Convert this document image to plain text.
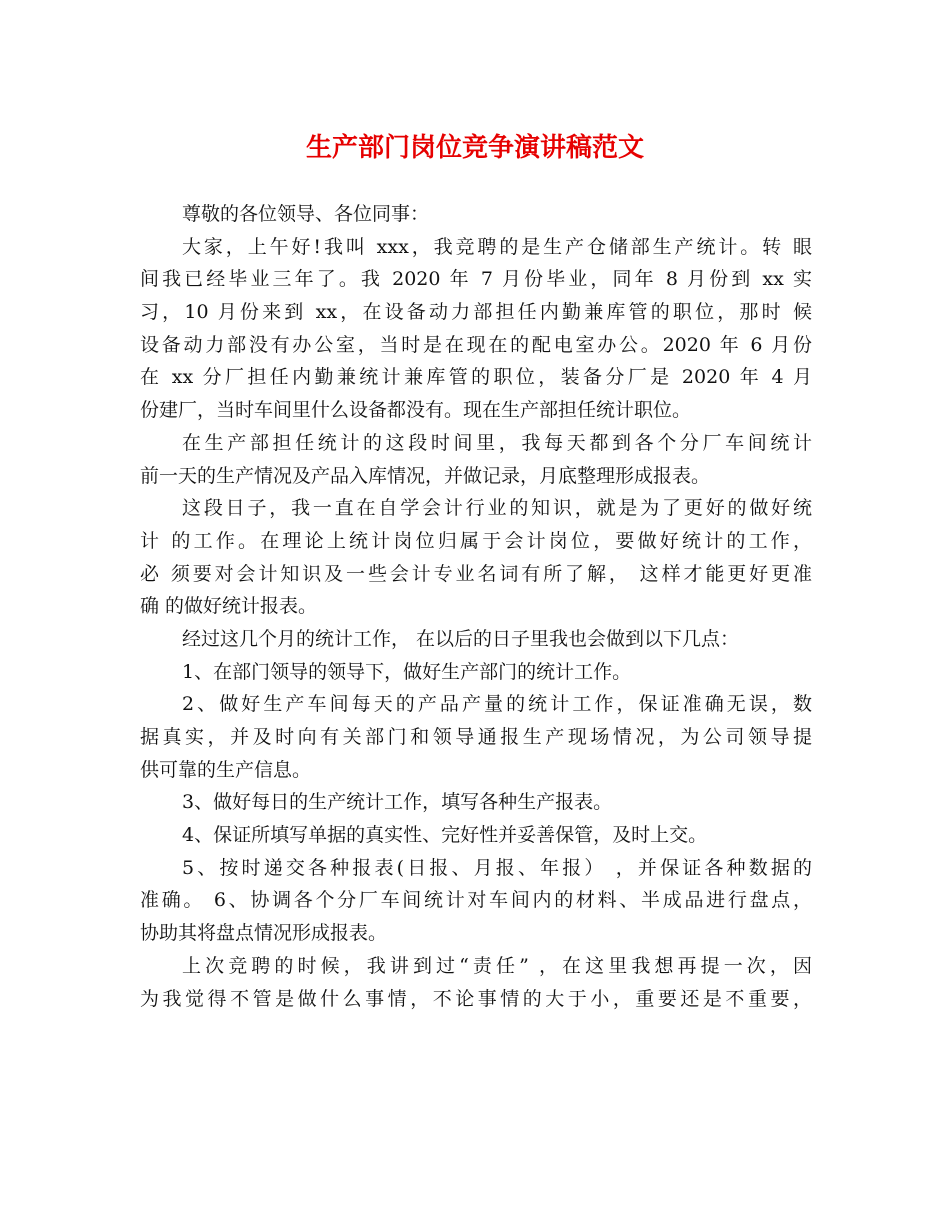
生产部门岗位竞争演讲稿范文
尊敬的各位领导、各位同事：
大家，上午好!我叫 xxx，我竞聘的是生产仓储部生产统计。转 眼
间我已经毕业三年了。我 2020 年 7 月份毕业，同年 8 月份到 xx 实
习，10 月份来到 xx，在设备动力部担任内勤兼库管的职位，那时 候
设备动力部没有办公室，当时是在现在的配电室办公。2020 年 6 月份
在 xx 分厂担任内勤兼统计兼库管的职位，装备分厂是 2020 年 4 月
份建厂，当时车间里什么设备都没有。现在生产部担任统计职位。
在生产部担任统计的这段时间里，我每天都到各个分厂车间统计
前一天的生产情况及产品入库情况，并做记录，月底整理形成报表。
这段日子，我一直在自学会计行业的知识，就是为了更好的做好统
计 的工作。在理论上统计岗位归属于会计岗位，要做好统计的工作，
必 须要对会计知识及一些会计专业名词有所了解， 这样才能更好更准
确 的做好统计报表。
经过这几个月的统计工作， 在以后的日子里我也会做到以下几点：
1、在部门领导的领导下，做好生产部门的统计工作。
2、做好生产车间每天的产品产量的统计工作，保证准确无误，数
据真实，并及时向有关部门和领导通报生产现场情况，为公司领导提
供可靠的生产信息。
3、做好每日的生产统计工作，填写各种生产报表。
4、保证所填写单据的真实性、完好性并妥善保管，及时上交。
5、按时递交各种报表(日报、月报、年报） ，并保证各种数据的
准确。 6、协调各个分厂车间统计对车间内的材料、半成品进行盘点，
协助其将盘点情况形成报表。
上次竞聘的时候，我讲到过“责任” ，在这里我想再提一次，因
为我觉得不管是做什么事情，不论事情的大于小，重要还是不重要，
